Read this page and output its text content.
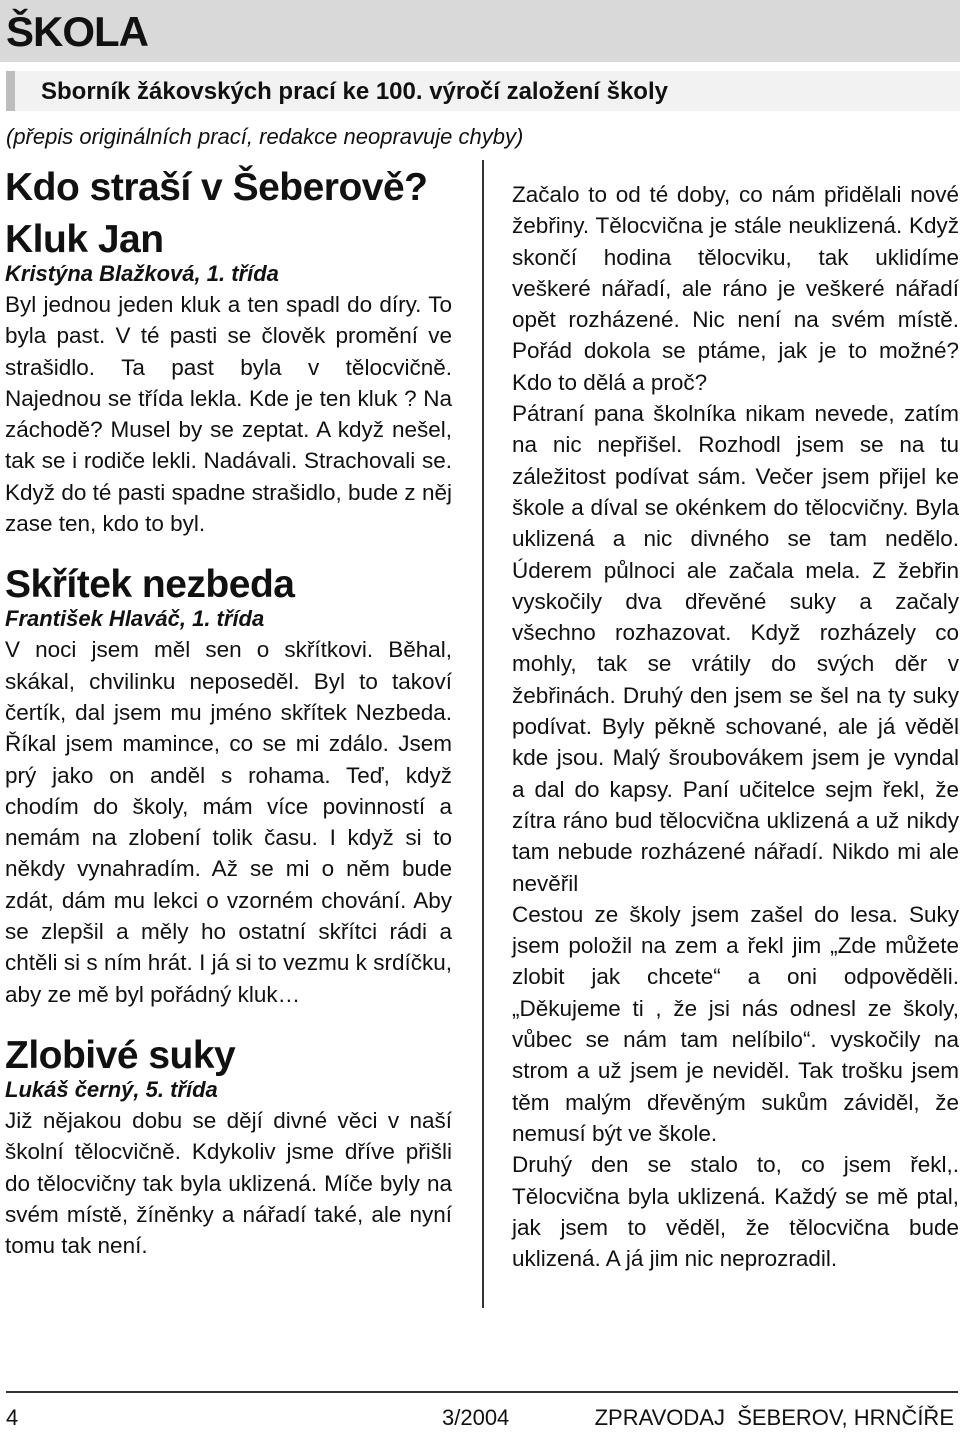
ŠKOLA
Sborník žákovských prací ke 100. výročí založení školy
(přepis originálních prací, redakce neopravuje chyby)
Kdo straší v Šeberově?
Kluk Jan
Kristýna Blažková, 1. třída

Byl jednou jeden kluk a ten spadl do díry. To byla past. V té pasti se člověk promění ve strašidlo. Ta past byla v tělocvičně. Najednou se třída lekla. Kde je ten kluk ? Na záchodě? Musel by se zeptat. A když nešel, tak se i rodiče lekli. Nadávali. Strachovali se. Když do té pasti spadne strašidlo, bude z něj zase ten, kdo to byl.

Skřítek nezbeda
František Hlaváč, 1. třída

V noci jsem měl sen o skřítkovi. Běhal, skákal, chvilinku neposeděl. Byl to takoví čertík, dal jsem mu jméno skřítek Nezbeda. Říkal jsem mamince, co se mi zdálo. Jsem prý jako on anděl s rohama. Teď, když chodím do školy, mám více povinností a nemám na zlobení tolik času. I když si to někdy vynahradím. Až se mi o něm bude zdát, dám mu lekci o vzorném chování. Aby se zlepšil a měly ho ostatní skřítci rádi a chtěli si s ním hrát. I já si to vezmu k srdíčku, aby ze mě byl pořádný kluk…

Zlobivé suky
Lukáš černý, 5. třída

Již nějakou dobu se dějí divné věci v naší školní tělocvičně. Kdykoliv jsme dříve přišli do tělocvičny tak byla uklizená. Míče byly na svém místě, žíněnky a nářadí také, ale nyní tomu tak není.

Začalo to od té doby, co nám přidělali nové žebřiny. Tělocvična je stále neuklizená. Když skončí hodina tělocviku, tak uklidíme veškeré nářadí, ale ráno je veškeré nářadí opět rozházené. Nic není na svém místě. Pořád dokola se ptáme, jak je to možné? Kdo to dělá a proč?

Pátraní pana školníka nikam nevede, zatím na nic nepřišel. Rozhodl jsem se na tu záležitost podívat sám. Večer jsem přijel ke škole a díval se okénkem do tělocvičny. Byla uklizená a nic divného se tam nedělo. Úderem půlnoci ale začala mela. Z žebřin vyskočily dva dřevěné suky a začaly všechno rozhazovat. Když rozházely co mohly, tak se vrátily do svých děr v žebřinách. Druhý den jsem se šel na ty suky podívat. Byly pěkně schované, ale já věděl kde jsou. Malý šroubovákem jsem je vyndal a dal do kapsy. Paní učitelce sejm řekl, že zítra ráno bud tělocvična uklizená a už nikdy tam nebude rozházené nářadí. Nikdo mi ale nevěřil

Cestou ze školy jsem zašel do lesa. Suky jsem položil na zem a řekl jim „Zde můžete zlobit jak chcete“ a oni odpověděli. „Děkujeme ti , že jsi nás odnesl ze školy, vůbec se nám tam nelíbilo“. vyskočily na strom a už jsem je neviděl. Tak trošku jsem těm malým dřevěným sukům záviděl, že nemusí být ve škole.

Druhý den se stalo to, co jsem řekl,. Tělocvična byla uklizená. Každý se mě ptal, jak jsem to věděl, že tělocvična bude uklizená. A já jim nic neprozradil.

4	3/2004	ZPRAVODAJ  ŠEBEROV, HRNČÍŘE
